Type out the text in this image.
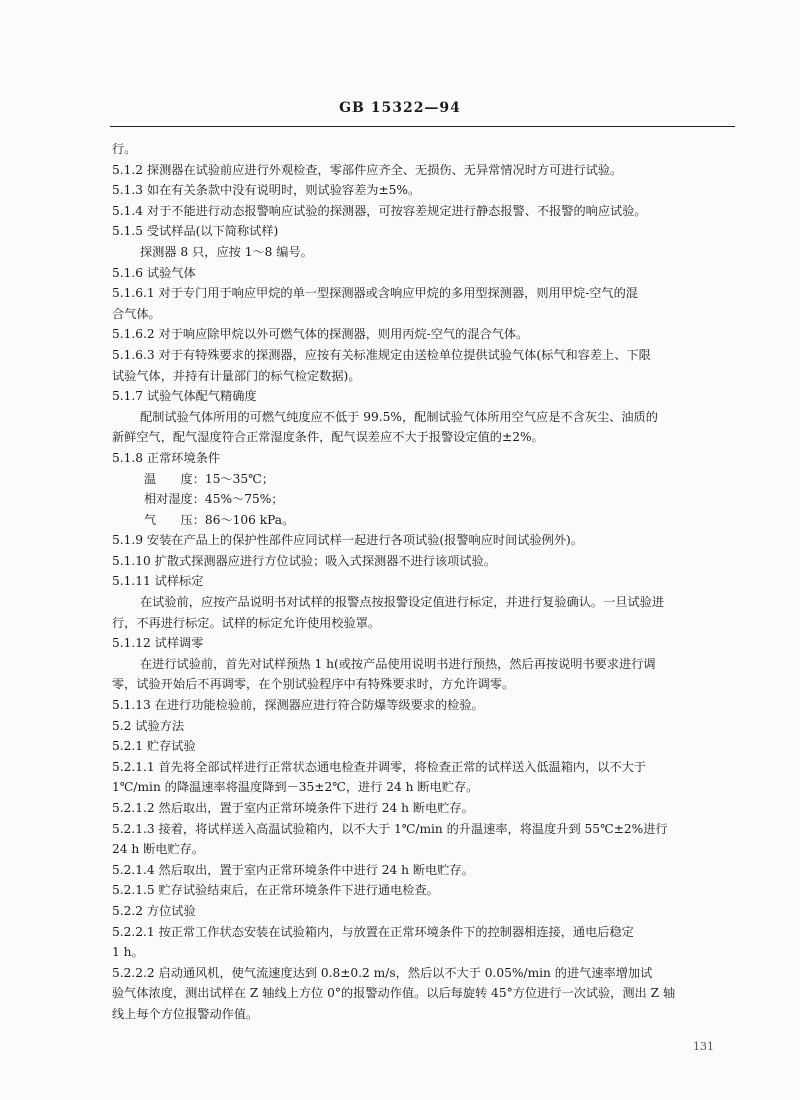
GB 15322—94
行。
5.1.2 探测器在试验前应进行外观检查，零部件应齐全、无损伤、无异常情况时方可进行试验。
5.1.3 如在有关条款中没有说明时，则试验容差为±5%。
5.1.4 对于不能进行动态报警响应试验的探测器，可按容差规定进行静态报警、不报警的响应试验。
5.1.5 受试样品(以下简称试样)
探测器 8 只，应按 1～8 编号。
5.1.6 试验气体
5.1.6.1 对于专门用于响应甲烷的单一型探测器或含响应甲烷的多用型探测器，则用甲烷-空气的混
合气体。
5.1.6.2 对于响应除甲烷以外可燃气体的探测器，则用丙烷-空气的混合气体。
5.1.6.3 对于有特殊要求的探测器，应按有关标准规定由送检单位提供试验气体(标气和容差上、下限
试验气体，并持有计量部门的标气检定数据)。
5.1.7 试验气体配气精确度
配制试验气体所用的可燃气纯度应不低于 99.5%，配制试验气体所用空气应是不含灰尘、油质的
新鲜空气，配气湿度符合正常湿度条件，配气误差应不大于报警设定值的±2%。
5.1.8 正常环境条件
温　　度：15～35℃；
相对湿度：45%～75%；
气　　压：86～106 kPa。
5.1.9 安装在产品上的保护性部件应同试样一起进行各项试验(报警响应时间试验例外)。
5.1.10 扩散式探测器应进行方位试验；吸入式探测器不进行该项试验。
5.1.11 试样标定
在试验前，应按产品说明书对试样的报警点按报警设定值进行标定，并进行复验确认。一旦试验进
行，不再进行标定。试样的标定允许使用校验罩。
5.1.12 试样调零
在进行试验前，首先对试样预热 1 h(或按产品使用说明书进行预热，然后再按说明书要求进行调
零，试验开始后不再调零，在个别试验程序中有特殊要求时，方允许调零。
5.1.13 在进行功能检验前，探测器应进行符合防爆等级要求的检验。
5.2 试验方法
5.2.1 贮存试验
5.2.1.1 首先将全部试样进行正常状态通电检查并调零，将检查正常的试样送入低温箱内，以不大于
1℃/min 的降温速率将温度降到－35±2℃，进行 24 h 断电贮存。
5.2.1.2 然后取出，置于室内正常环境条件下进行 24 h 断电贮存。
5.2.1.3 接着，将试样送入高温试验箱内，以不大于 1℃/min 的升温速率，将温度升到 55℃±2%进行
24 h 断电贮存。
5.2.1.4 然后取出，置于室内正常环境条件中进行 24 h 断电贮存。
5.2.1.5 贮存试验结束后，在正常环境条件下进行通电检查。
5.2.2 方位试验
5.2.2.1 按正常工作状态安装在试验箱内，与放置在正常环境条件下的控制器相连接，通电后稳定
1 h。
5.2.2.2 启动通风机，使气流速度达到 0.8±0.2 m/s，然后以不大于 0.05%/min 的进气速率增加试
验气体浓度，测出试样在 Z 轴线上方位 0°的报警动作值。以后每旋转 45°方位进行一次试验，测出 Z 轴
线上每个方位报警动作值。
131
